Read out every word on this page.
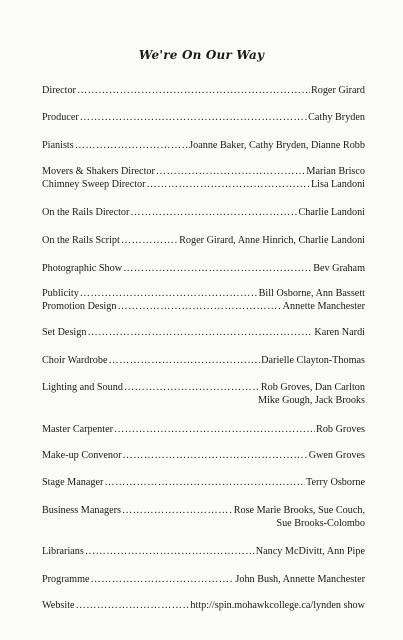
We're On Our Way
Director ……………………………………………………………………………………………………………………………………………………	Roger Girard
Producer ……………………………………………………………………………………………………………………………………………………	Cathy Bryden
Pianists ……………………………………………………………………………………………………………………………………………………	Joanne Baker, Cathy Bryden, Dianne Robb
Movers & Shakers Director ……………………………………………………………………………………………………………………………………………………	Marian Brisco
Chimney Sweep Director ……………………………………………………………………………………………………………………………………………………	Lisa Landoni
On the Rails Director ……………………………………………………………………………………………………………………………………………………	Charlie Landoni
On the Rails Script ……………………………………………………………………………………………………………………………………………………	Roger Girard, Anne Hinrich, Charlie Landoni
Photographic Show ……………………………………………………………………………………………………………………………………………………	Bev Graham
Publicity ……………………………………………………………………………………………………………………………………………………	Bill Osborne, Ann Bassett
Promotion Design ……………………………………………………………………………………………………………………………………………………	Annette Manchester
Set Design ……………………………………………………………………………………………………………………………………………………	Karen Nardi
Choir Wardrobe ……………………………………………………………………………………………………………………………………………………	Darielle Clayton-Thomas
Lighting and Sound ……………………………………………………………………………………………………………………………………………………	Rob Groves, Dan Carlton
Mike Gough, Jack Brooks
Master Carpenter ……………………………………………………………………………………………………………………………………………………	Rob Groves
Make-up Convenor ……………………………………………………………………………………………………………………………………………………	Gwen Groves
Stage Manager ……………………………………………………………………………………………………………………………………………………	Terry Osborne
Business Managers ……………………………………………………………………………………………………………………………………………………	Rose Marie Brooks, Sue Couch,
Sue Brooks-Colombo
Librarians ……………………………………………………………………………………………………………………………………………………	Nancy McDivitt, Ann Pipe
Programme ……………………………………………………………………………………………………………………………………………………	John Bush, Annette Manchester
Website ……………………………………………………………………………………………………………………………………………………	http://spin.mohawkcollege.ca/lynden show
